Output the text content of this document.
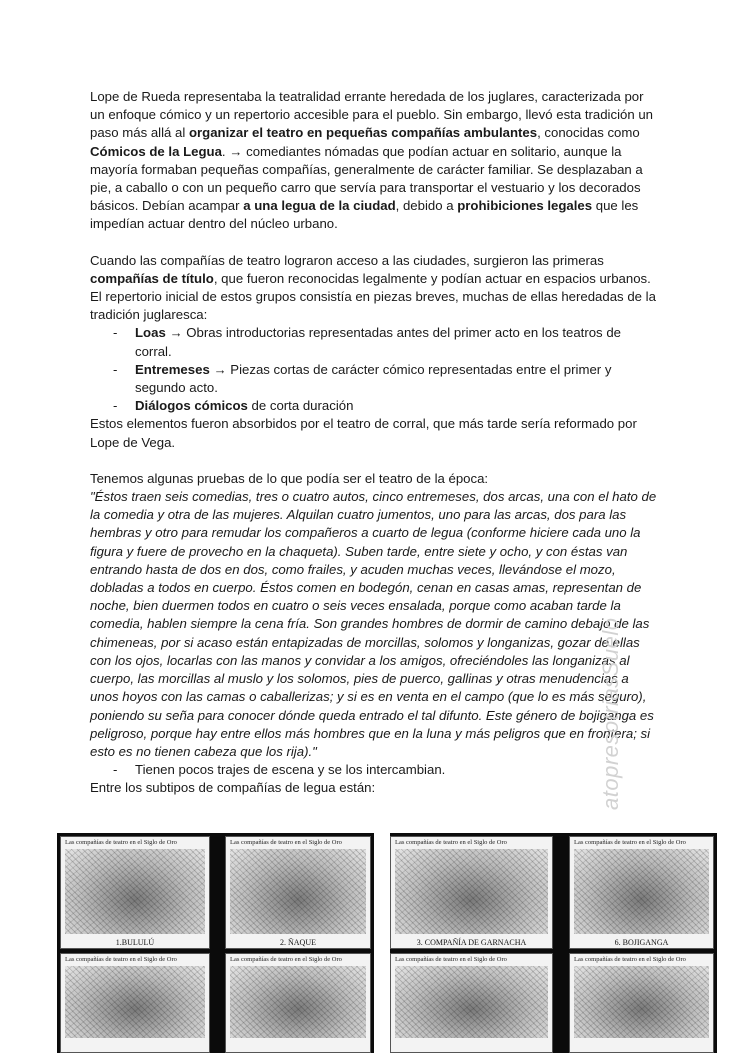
Lope de Rueda representaba la teatralidad errante heredada de los juglares, caracterizada por un enfoque cómico y un repertorio accesible para el pueblo. Sin embargo, llevó esta tradición un paso más allá al organizar el teatro en pequeñas compañías ambulantes, conocidas como Cómicos de la Legua. → comediantes nómadas que podían actuar en solitario, aunque la mayoría formaban pequeñas compañías, generalmente de carácter familiar. Se desplazaban a pie, a caballo o con un pequeño carro que servía para transportar el vestuario y los decorados básicos. Debían acampar a una legua de la ciudad, debido a prohibiciones legales que les impedían actuar dentro del núcleo urbano.

Cuando las compañías de teatro lograron acceso a las ciudades, surgieron las primeras compañías de título, que fueron reconocidas legalmente y podían actuar en espacios urbanos. El repertorio inicial de estos grupos consistía en piezas breves, muchas de ellas heredadas de la tradición juglaresca:

- Loas → Obras introductorias representadas antes del primer acto en los teatros de corral.
- Entremeses → Piezas cortas de carácter cómico representadas entre el primer y segundo acto.
- Diálogos cómicos de corta duración

Estos elementos fueron absorbidos por el teatro de corral, que más tarde sería reformado por Lope de Vega.

Tenemos algunas pruebas de lo que podía ser el teatro de la época:

"Éstos traen seis comedias, tres o cuatro autos, cinco entremeses, dos arcas, una con el hato de la comedia y otra de las mujeres. Alquilan cuatro jumentos, uno para las arcas, dos para las hembras y otro para remudar los compañeros a cuarto de legua (conforme hiciere cada uno la figura y fuere de provecho en la chaqueta). Suben tarde, entre siete y ocho, y con éstas van entrando hasta de dos en dos, como frailes, y acuden muchas veces, llevándose el mozo, dobladas a todos en cuerpo. Éstos comen en bodegón, cenan en casas amas, representan de noche, bien duermen todos en cuatro o seis veces ensalada, porque como acaban tarde la comedia, hablen siempre la cena fría. Son grandes hombres de dormir de camino debajo de las chimeneas, por si acaso están entapizadas de morcillas, solomos y longanizas, gozar de ellas con los ojos, locarlas con las manos y convidar a los amigos, ofreciéndoles las longanizas al cuerpo, las morcillas al muslo y los solomos, pies de puerco, gallinas y otras menudencias a unos hoyos con las camas o caballerizas; y si es en venta en el campo (que lo es más seguro), poniendo su seña para conocer dónde queda entrado el tal difunto. Este género de bojiganga es peligroso, porque hay entre ellos más hombres que en la luna y más peligros que en frontera; si esto es no tienen cabeza que los rija)."

- Tienen pocos trajes de escena y se los intercambian.

Entre los subtipos de compañías de legua están:	atopresotriasSuelo
Las compañías de teatro en el Siglo de Oro
1.BULULÚ
Las compañías de teatro en el Siglo de Oro
2. ÑAQUE
Las compañías de teatro en el Siglo de Oro	Las compañías de teatro en el Siglo de Oro
Las compañías de teatro en el Siglo de Oro
3. COMPAÑÍA DE GARNACHA
Las compañías de teatro en el Siglo de Oro
6. BOJIGANGA
Las compañías de teatro en el Siglo de Oro	Las compañías de teatro en el Siglo de Oro
